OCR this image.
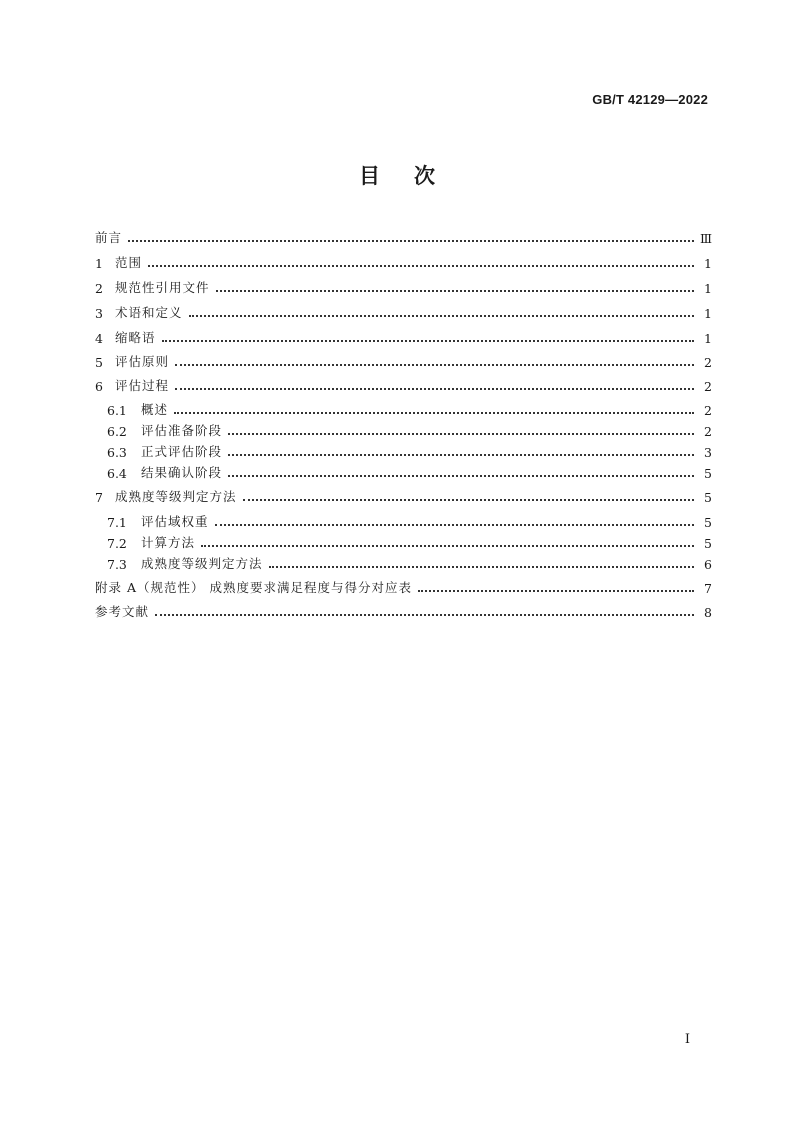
GB/T 42129—2022
目次
前言	Ⅲ
1 范围	1
2 规范性引用文件	1
3 术语和定义	1
4 缩略语	1
5 评估原则	2
6 评估过程	2
6.1	概述	2
6.2	评估准备阶段	2
6.3	正式评估阶段	3
6.4	结果确认阶段	5
7 成熟度等级判定方法	5
7.1	评估域权重	5
7.2	计算方法	5
7.3	成熟度等级判定方法	6
附录 A（规范性） 成熟度要求满足程度与得分对应表	7
参考文献	8
I
